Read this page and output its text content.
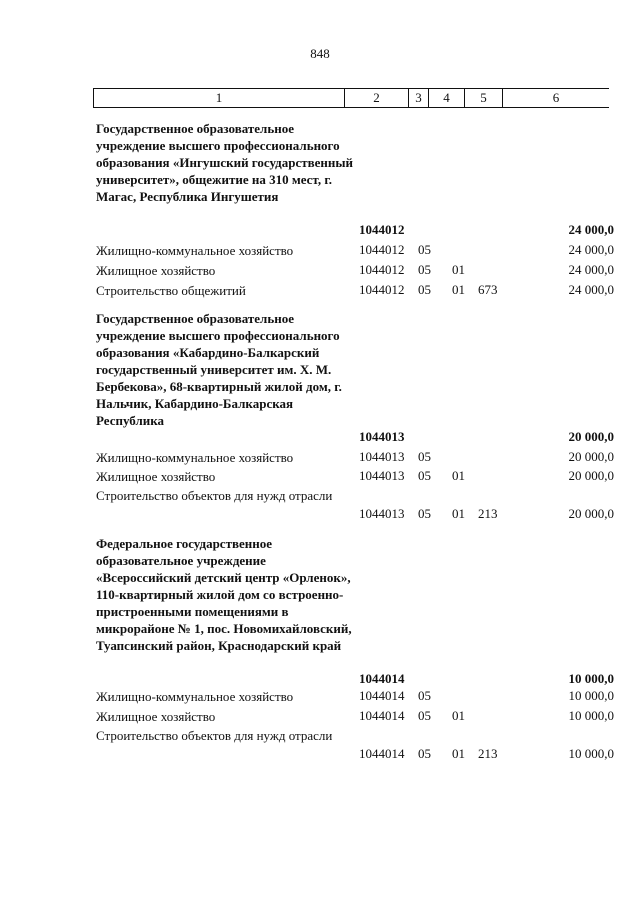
848
1	2	3	4	5	6
Государственное образовательное учреждение высшего профессионального образования «Ингушский государственный университет», общежитие на 310 мест, г. Магас, Республика Ингушетия
1044012	24 000,0
Жилищно-коммунальное хозяйство	1044012 05	24 000,0
Жилищное хозяйство	1044012 05 01	24 000,0
Строительство общежитий	1044012 05 01 673	24 000,0
Государственное образовательное учреждение высшего профессионального образования «Кабардино-Балкарский государственный университет им. Х. М. Бербекова», 68-квартирный жилой дом, г. Нальчик, Кабардино-Балкарская Республика
1044013	20 000,0
Жилищно-коммунальное хозяйство	1044013 05	20 000,0
Жилищное хозяйство	1044013 05 01	20 000,0
Строительство объектов для нужд отрасли
1044013 05 01 213	20 000,0
Федеральное государственное образовательное учреждение «Всероссийский детский центр «Орленок», 110-квартирный жилой дом со встроенно-пристроенными помещениями в микрорайоне № 1, пос. Новомихайловский, Туапсинский район, Краснодарский край
1044014	10 000,0
Жилищно-коммунальное хозяйство	1044014 05	10 000,0
Жилищное хозяйство	1044014 05 01	10 000,0
Строительство объектов для нужд отрасли
1044014 05 01 213	10 000,0
